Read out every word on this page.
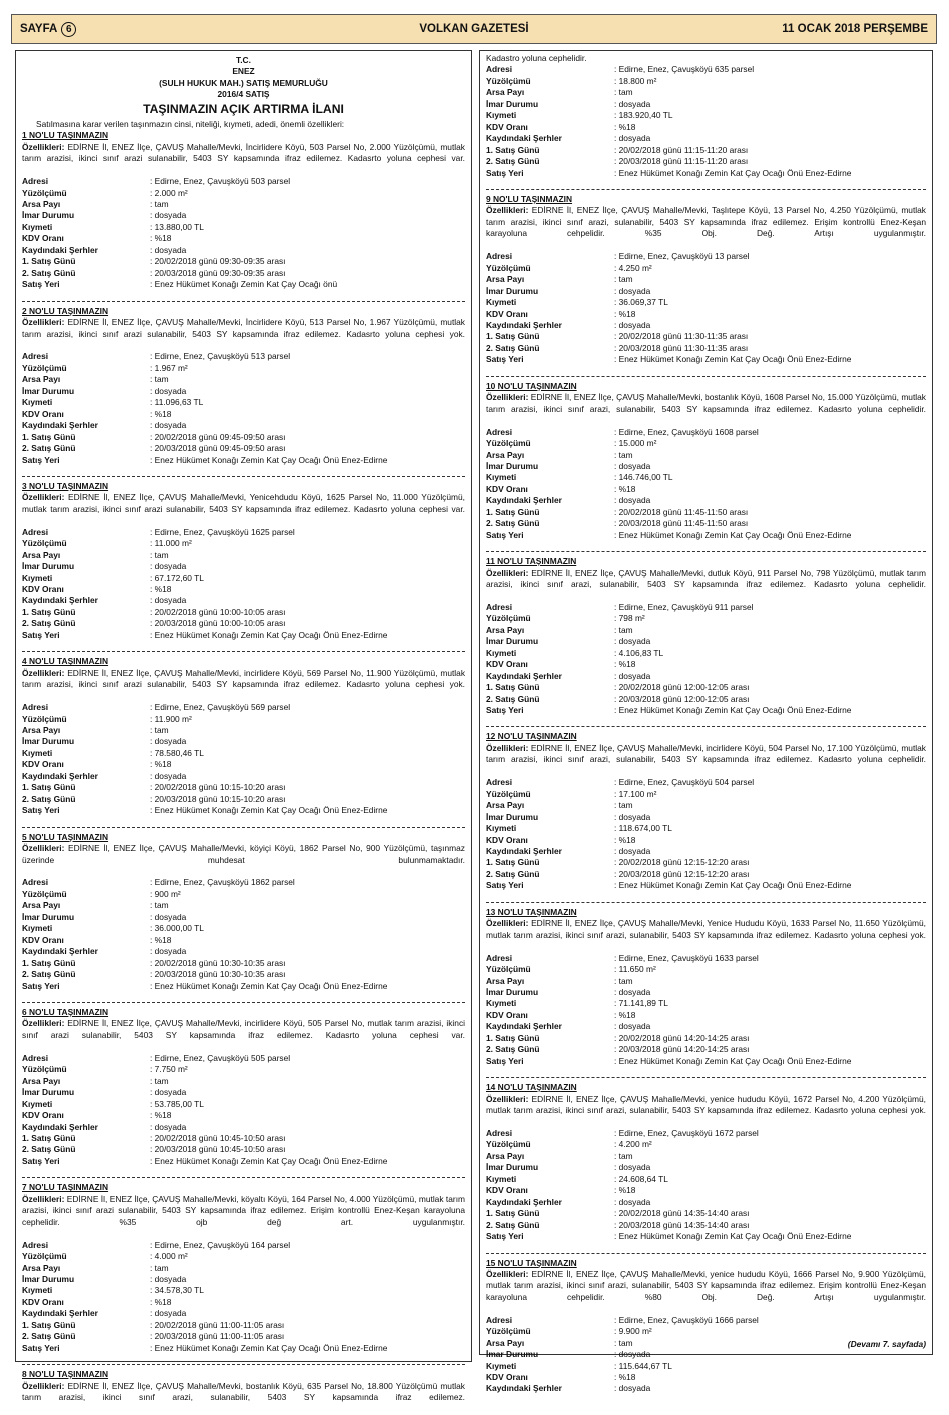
SAYFA 6	VOLKAN GAZETESİ	11 OCAK 2018 PERŞEMBE
T.C.
ENEZ
(SULH HUKUK MAH.) SATIŞ MEMURLUĞU
2016/4 SATIŞ
TAŞINMAZIN AÇIK ARTIRMA İLANI
Satılmasına karar verilen taşınmazın cinsi, niteliği, kıymeti, adedi, önemli özellikleri:
1 NO'LU TAŞINMAZIN
Özellikleri: EDİRNE İl, ENEZ İlçe, ÇAVUŞ Mahalle/Mevki, İncirlidere Köyü, 503 Parsel No, 2.000 Yüzölçümü, mutlak tarım arazisi, ikinci sınıf arazi sulanabilir, 5403 SY kapsamında ifraz edilemez. Kadasrto yoluna cephesi var.
Adresi	: Edirne, Enez, Çavuşköyü 503 parsel
Yüzölçümü	: 2.000 m²
Arsa Payı	: tam
İmar Durumu	: dosyada
Kıymeti	: 13.880,00 TL
KDV Oranı	: %18
Kaydındaki Şerhler	: dosyada
1. Satış Günü	: 20/02/2018 günü 09:30-09:35 arası
2. Satış Günü	: 20/03/2018 günü 09:30-09:35 arası
Satış Yeri	: Enez Hükümet Konağı Zemin Kat Çay Ocağı önü
2 NO'LU TAŞINMAZIN
Özellikleri: EDİRNE İl, ENEZ İlçe, ÇAVUŞ Mahalle/Mevki, İncirlidere Köyü, 513 Parsel No, 1.967 Yüzölçümü, mutlak tarım arazisi, ikinci sınıf arazi sulanabilir, 5403 SY kapsamında ifraz edilemez. Kadasrto yoluna cephesi yok.
Adresi	: Edirne, Enez, Çavuşköyü 513 parsel
Yüzölçümü	: 1.967 m²
Arsa Payı	: tam
İmar Durumu	: dosyada
Kıymeti	: 11.096,63 TL
KDV Oranı	: %18
Kaydındaki Şerhler	: dosyada
1. Satış Günü	: 20/02/2018 günü 09:45-09:50 arası
2. Satış Günü	: 20/03/2018 günü 09:45-09:50 arası
Satış Yeri	: Enez Hükümet Konağı Zemin Kat Çay Ocağı Önü Enez-Edirne
3 NO'LU TAŞINMAZIN
Özellikleri: EDİRNE İl, ENEZ İlçe, ÇAVUŞ Mahalle/Mevki, Yenicehdudu Köyü, 1625 Parsel No, 11.000 Yüzölçümü, mutlak tarım arazisi, ikinci sınıf arazi sulanabilir, 5403 SY kapsamında ifraz edilemez. Kadasrto yoluna cephesi var.
Adresi	: Edirne, Enez, Çavuşköyü 1625 parsel
Yüzölçümü	: 11.000 m²
Arsa Payı	: tam
İmar Durumu	: dosyada
Kıymeti	: 67.172,60 TL
KDV Oranı	: %18
Kaydındaki Şerhler	: dosyada
1. Satış Günü	: 20/02/2018 günü 10:00-10:05 arası
2. Satış Günü	: 20/03/2018 günü 10:00-10:05 arası
Satış Yeri	: Enez Hükümet Konağı Zemin Kat Çay Ocağı Önü Enez-Edirne
4 NO'LU TAŞINMAZIN
Özellikleri: EDİRNE İl, ENEZ İlçe, ÇAVUŞ Mahalle/Mevki, incirlidere Köyü, 569 Parsel No, 11.900 Yüzölçümü, mutlak tarım arazisi, ikinci sınıf arazi sulanabilir, 5403 SY kapsamında ifraz edilemez. Kadasrto yoluna cephesi yok.
Adresi	: Edirne, Enez, Çavuşköyü 569 parsel
Yüzölçümü	: 11.900 m²
Arsa Payı	: tam
İmar Durumu	: dosyada
Kıymeti	: 78.580,46 TL
KDV Oranı	: %18
Kaydındaki Şerhler	: dosyada
1. Satış Günü	: 20/02/2018 günü 10:15-10:20 arası
2. Satış Günü	: 20/03/2018 günü 10:15-10:20 arası
Satış Yeri	: Enez Hükümet Konağı Zemin Kat Çay Ocağı Önü Enez-Edirne
5 NO'LU TAŞINMAZIN
Özellikleri: EDİRNE İl, ENEZ İlçe, ÇAVUŞ Mahalle/Mevki, köyiçi Köyü, 1862 Parsel No, 900 Yüzölçümü, taşınmaz üzerinde muhdesat bulunmamaktadır.
Adresi	: Edirne, Enez, Çavuşköyü 1862 parsel
Yüzölçümü	: 900 m²
Arsa Payı	: tam
İmar Durumu	: dosyada
Kıymeti	: 36.000,00 TL
KDV Oranı	: %18
Kaydındaki Şerhler	: dosyada
1. Satış Günü	: 20/02/2018 günü 10:30-10:35 arası
2. Satış Günü	: 20/03/2018 günü 10:30-10:35 arası
Satış Yeri	: Enez Hükümet Konağı Zemin Kat Çay Ocağı Önü Enez-Edirne
6 NO'LU TAŞINMAZIN
Özellikleri: EDİRNE İl, ENEZ İlçe, ÇAVUŞ Mahalle/Mevki, incirlidere Köyü, 505 Parsel No, mutlak tarım arazisi, ikinci sınıf arazi sulanabilir, 5403 SY kapsamında ifraz edilemez. Kadasrto yoluna cephesi var.
Adresi	: Edirne, Enez, Çavuşköyü 505 parsel
Yüzölçümü	: 7.750 m²
Arsa Payı	: tam
İmar Durumu	: dosyada
Kıymeti	: 53.785,00 TL
KDV Oranı	: %18
Kaydındaki Şerhler	: dosyada
1. Satış Günü	: 20/02/2018 günü 10:45-10:50 arası
2. Satış Günü	: 20/03/2018 günü 10:45-10:50 arası
Satış Yeri	: Enez Hükümet Konağı Zemin Kat Çay Ocağı Önü Enez-Edirne
7 NO'LU TAŞINMAZIN
Özellikleri: EDİRNE İl, ENEZ İlçe, ÇAVUŞ Mahalle/Mevki, köyaltı Köyü, 164 Parsel No, 4.000 Yüzölçümü, mutlak tarım arazisi, ikinci sınıf arazi sulanabilir, 5403 SY kapsamında ifraz edilemez. Erişim kontrollü Enez-Keşan karayoluna cephelidir. %35 ojb değ art. uygulanmıştır.
Adresi	: Edirne, Enez, Çavuşköyü 164 parsel
Yüzölçümü	: 4.000 m²
Arsa Payı	: tam
İmar Durumu	: dosyada
Kıymeti	: 34.578,30 TL
KDV Oranı	: %18
Kaydındaki Şerhler	: dosyada
1. Satış Günü	: 20/02/2018 günü 11:00-11:05 arası
2. Satış Günü	: 20/03/2018 günü 11:00-11:05 arası
Satış Yeri	: Enez Hükümet Konağı Zemin Kat Çay Ocağı Önü Enez-Edirne
8 NO'LU TAŞINMAZIN
Özellikleri: EDİRNE İl, ENEZ İlçe, ÇAVUŞ Mahalle/Mevki, bostanlık Köyü, 635 Parsel No, 18.800 Yüzölçümü mutlak tarım arazisi, ikinci sınıf arazi, sulanabilir, 5403 SY kapsamında ifraz edilemez.
Kadastro yoluna cephelidir.
Adresi	: Edirne, Enez, Çavuşköyü 635 parsel
Yüzölçümü	: 18.800 m²
Arsa Payı	: tam
İmar Durumu	: dosyada
Kıymeti	: 183.920,40 TL
KDV Oranı	: %18
Kaydındaki Şerhler	: dosyada
1. Satış Günü	: 20/02/2018 günü 11:15-11:20 arası
2. Satış Günü	: 20/03/2018 günü 11:15-11:20 arası
Satış Yeri	: Enez Hükümet Konağı Zemin Kat Çay Ocağı Önü Enez-Edirne
9 NO'LU TAŞINMAZIN
Özellikleri: EDİRNE İl, ENEZ İlçe, ÇAVUŞ Mahalle/Mevki, Taşlıtepe Köyü, 13 Parsel No, 4.250 Yüzölçümü, mutlak tarım arazisi, ikinci sınıf arazi, sulanabilir, 5403 SY kapsamında ifraz edilemez. Erişim kontrollü Enez-Keşan karayoluna cehpelidir. %35 Obj. Değ. Artışı uygulanmıştır.
Adresi	: Edirne, Enez, Çavuşköyü 13 parsel
Yüzölçümü	: 4.250 m²
Arsa Payı	: tam
İmar Durumu	: dosyada
Kıymeti	: 36.069,37 TL
KDV Oranı	: %18
Kaydındaki Şerhler	: dosyada
1. Satış Günü	: 20/02/2018 günü 11:30-11:35 arası
2. Satış Günü	: 20/03/2018 günü 11:30-11:35 arası
Satış Yeri	: Enez Hükümet Konağı Zemin Kat Çay Ocağı Önü Enez-Edirne
10 NO'LU TAŞINMAZIN
Özellikleri: EDİRNE İl, ENEZ İlçe, ÇAVUŞ Mahalle/Mevki, bostanlık Köyü, 1608 Parsel No, 15.000 Yüzölçümü, mutlak tarım arazisi, ikinci sınıf arazi, sulanabilir, 5403 SY kapsamında ifraz edilemez. Kadasrto yoluna cephelidir.
Adresi	: Edirne, Enez, Çavuşköyü 1608 parsel
Yüzölçümü	: 15.000 m²
Arsa Payı	: tam
İmar Durumu	: dosyada
Kıymeti	: 146.746,00 TL
KDV Oranı	: %18
Kaydındaki Şerhler	: dosyada
1. Satış Günü	: 20/02/2018 günü 11:45-11:50 arası
2. Satış Günü	: 20/03/2018 günü 11:45-11:50 arası
Satış Yeri	: Enez Hükümet Konağı Zemin Kat Çay Ocağı Önü Enez-Edirne
11 NO'LU TAŞINMAZIN
Özellikleri: EDİRNE İl, ENEZ İlçe, ÇAVUŞ Mahalle/Mevki, dutluk Köyü, 911 Parsel No, 798 Yüzölçümü, mutlak tarım arazisi, ikinci sınıf arazi, sulanabilir, 5403 SY kapsamında ifraz edilemez. Kadasrto yoluna cephelidir.
Adresi	: Edirne, Enez, Çavuşköyü 911 parsel
Yüzölçümü	: 798 m²
Arsa Payı	: tam
İmar Durumu	: dosyada
Kıymeti	: 4.106,83 TL
KDV Oranı	: %18
Kaydındaki Şerhler	: dosyada
1. Satış Günü	: 20/02/2018 günü 12:00-12:05 arası
2. Satış Günü	: 20/03/2018 günü 12:00-12:05 arası
Satış Yeri	: Enez Hükümet Konağı Zemin Kat Çay Ocağı Önü Enez-Edirne
12 NO'LU TAŞINMAZIN
Özellikleri: EDİRNE İl, ENEZ İlçe, ÇAVUŞ Mahalle/Mevki, incirlidere Köyü, 504 Parsel No, 17.100 Yüzölçümü, mutlak tarım arazisi, ikinci sınıf arazi, sulanabilir, 5403 SY kapsamında ifraz edilemez. Kadasrto yoluna cephelidir.
Adresi	: Edirne, Enez, Çavuşköyü 504 parsel
Yüzölçümü	: 17.100 m²
Arsa Payı	: tam
İmar Durumu	: dosyada
Kıymeti	: 118.674,00 TL
KDV Oranı	: %18
Kaydındaki Şerhler	: dosyada
1. Satış Günü	: 20/02/2018 günü 12:15-12:20 arası
2. Satış Günü	: 20/03/2018 günü 12:15-12:20 arası
Satış Yeri	: Enez Hükümet Konağı Zemin Kat Çay Ocağı Önü Enez-Edirne
13 NO'LU TAŞINMAZIN
Özellikleri: EDİRNE İl, ENEZ İlçe, ÇAVUŞ Mahalle/Mevki, Yenice Hududu Köyü, 1633 Parsel No, 11.650 Yüzölçümü, mutlak tarım arazisi, ikinci sınıf arazi, sulanabilir, 5403 SY kapsamında ifraz edilemez. Kadasrto yoluna cephesi yok.
Adresi	: Edirne, Enez, Çavuşköyü 1633 parsel
Yüzölçümü	: 11.650 m²
Arsa Payı	: tam
İmar Durumu	: dosyada
Kıymeti	: 71.141,89 TL
KDV Oranı	: %18
Kaydındaki Şerhler	: dosyada
1. Satış Günü	: 20/02/2018 günü 14:20-14:25 arası
2. Satış Günü	: 20/03/2018 günü 14:20-14:25 arası
Satış Yeri	: Enez Hükümet Konağı Zemin Kat Çay Ocağı Önü Enez-Edirne
14 NO'LU TAŞINMAZIN
Özellikleri: EDİRNE İl, ENEZ İlçe, ÇAVUŞ Mahalle/Mevki, yenice hududu Köyü, 1672 Parsel No, 4.200 Yüzölçümü, mutlak tarım arazisi, ikinci sınıf arazi, sulanabilir, 5403 SY kapsamında ifraz edilemez. Kadasrto yoluna cephesi yok.
Adresi	: Edirne, Enez, Çavuşköyü 1672 parsel
Yüzölçümü	: 4.200 m²
Arsa Payı	: tam
İmar Durumu	: dosyada
Kıymeti	: 24.608,64 TL
KDV Oranı	: %18
Kaydındaki Şerhler	: dosyada
1. Satış Günü	: 20/02/2018 günü 14:35-14:40 arası
2. Satış Günü	: 20/03/2018 günü 14:35-14:40 arası
Satış Yeri	: Enez Hükümet Konağı Zemin Kat Çay Ocağı Önü Enez-Edirne
15 NO'LU TAŞINMAZIN
Özellikleri: EDİRNE İl, ENEZ İlçe, ÇAVUŞ Mahalle/Mevki, yenice hududu Köyü, 1666 Parsel No, 9.900 Yüzölçümü, mutlak tarım arazisi, ikinci sınıf arazi, sulanabilir, 5403 SY kapsamında ifraz edilemez. Erişim kontrollü Enez-Keşan karayoluna cehpelidir. %80 Obj. Değ. Artışı uygulanmıştır.
Adresi	: Edirne, Enez, Çavuşköyü 1666 parsel
Yüzölçümü	: 9.900 m²
Arsa Payı	: tam
İmar Durumu	: dosyada
Kıymeti	: 115.644,67 TL
KDV Oranı	: %18
Kaydındaki Şerhler	: dosyada
(Devamı 7. sayfada)
